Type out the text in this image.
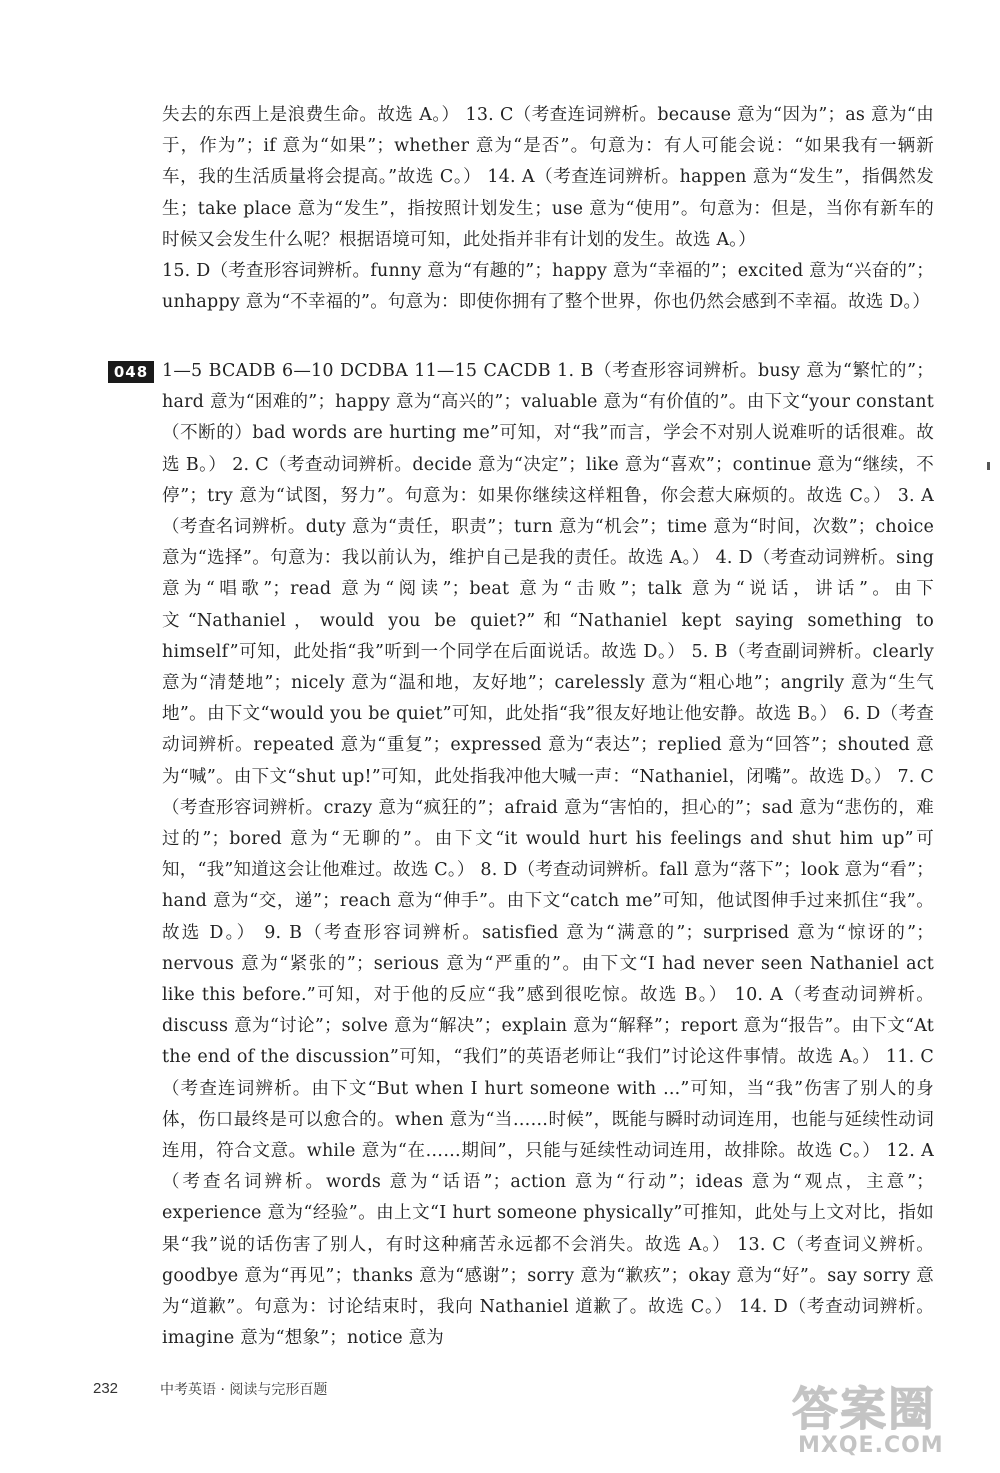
失去的东西上是浪费生命。故选 A。） 13. C（考查连词辨析。because 意为“因为”；as 意为“由于，作为”；if 意为“如果”；whether 意为“是否”。句意为：有人可能会说：“如果我有一辆新车，我的生活质量将会提高。”故选 C。） 14. A（考查连词辨析。happen 意为“发生”，指偶然发生；take place 意为“发生”，指按照计划发生；use 意为“使用”。句意为：但是，当你有新车的时候又会发生什么呢？根据语境可知，此处指并非有计划的发生。故选 A。）

15. D（考查形容词辨析。funny 意为“有趣的”；happy 意为“幸福的”；excited 意为“兴奋的”；unhappy 意为“不幸福的”。句意为：即使你拥有了整个世界，你也仍然会感到不幸福。故选 D。）

048 1—5 BCADB 6—10 DCDBA 11—15 CACDB 1. B（考查形容词辨析。busy 意为“繁忙的”；hard 意为“困难的”；happy 意为“高兴的”；valuable 意为“有价值的”。由下文“your constant（不断的）bad words are hurting me”可知，对“我”而言，学会不对别人说难听的话很难。故选 B。） 2. C（考查动词辨析。decide 意为“决定”；like 意为“喜欢”；continue 意为“继续，不停”；try 意为“试图，努力”。句意为：如果你继续这样粗鲁，你会惹大麻烦的。故选 C。） 3. A（考查名词辨析。duty 意为“责任，职责”；turn 意为“机会”；time 意为“时间，次数”；choice 意为“选择”。句意为：我以前认为，维护自己是我的责任。故选 A。） 4. D（考查动词辨析。sing 意为“唱歌”；read 意为“阅读”；beat 意为“击败”；talk 意为“说话，讲话”。由下文“Nathaniel，would you be quiet?”和“Nathaniel kept saying something to himself”可知，此处指“我”听到一个同学在后面说话。故选 D。） 5. B（考查副词辨析。clearly 意为“清楚地”；nicely 意为“温和地，友好地”；carelessly 意为“粗心地”；angrily 意为“生气地”。由下文“would you be quiet”可知，此处指“我”很友好地让他安静。故选 B。） 6. D（考查动词辨析。repeated 意为“重复”；expressed 意为“表达”；replied 意为“回答”；shouted 意为“喊”。由下文“shut up!”可知，此处指我冲他大喊一声：“Nathaniel，闭嘴”。故选 D。） 7. C（考查形容词辨析。crazy 意为“疯狂的”；afraid 意为“害怕的，担心的”；sad 意为“悲伤的，难过的”；bored 意为“无聊的”。由下文“it would hurt his feelings and shut him up”可知，“我”知道这会让他难过。故选 C。） 8. D（考查动词辨析。fall 意为“落下”；look 意为“看”；hand 意为“交，递”；reach 意为“伸手”。由下文“catch me”可知，他试图伸手过来抓住“我”。故选 D。） 9. B（考查形容词辨析。satisfied 意为“满意的”；surprised 意为“惊讶的”；nervous 意为“紧张的”；serious 意为“严重的”。由下文“I had never seen Nathaniel act like this before.”可知，对于他的反应“我”感到很吃惊。故选 B。） 10. A（考查动词辨析。discuss 意为“讨论”；solve 意为“解决”；explain 意为“解释”；report 意为“报告”。由下文“At the end of the discussion”可知，“我们”的英语老师让“我们”讨论这件事情。故选 A。） 11. C（考查连词辨析。由下文“But when I hurt someone with ...”可知，当“我”伤害了别人的身体，伤口最终是可以愈合的。when 意为“当……时候”，既能与瞬时动词连用，也能与延续性动词连用，符合文意。while 意为“在……期间”，只能与延续性动词连用，故排除。故选 C。） 12. A（考查名词辨析。words 意为“话语”；action 意为“行动”；ideas 意为“观点，主意”；experience 意为“经验”。由上文“I hurt someone physically”可推知，此处与上文对比，指如果“我”说的话伤害了别人，有时这种痛苦永远都不会消失。故选 A。） 13. C（考查词义辨析。goodbye 意为“再见”；thanks 意为“感谢”；sorry 意为“歉疚”；okay 意为“好”。say sorry 意为“道歉”。句意为：讨论结束时，我向 Nathaniel 道歉了。故选 C。） 14. D（考查动词辨析。imagine 意为“想象”；notice 意为

232	中考英语 · 阅读与完形百题	答案圈
MXQE.COM
